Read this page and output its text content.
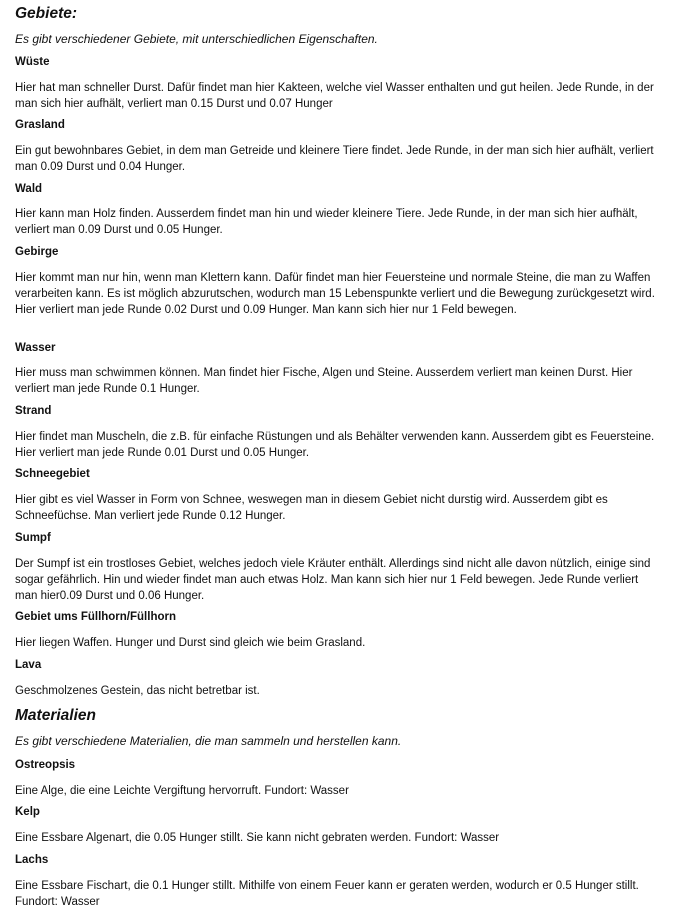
Gebiete:
Es gibt verschiedener Gebiete, mit unterschiedlichen Eigenschaften.
Wüste

Hier hat man schneller Durst. Dafür findet man hier Kakteen, welche viel Wasser enthalten und gut heilen. Jede Runde, in der man sich hier aufhält, verliert man 0.15 Durst und 0.07 Hunger

Grasland

Ein gut bewohnbares Gebiet, in dem man Getreide und kleinere Tiere findet. Jede Runde, in der man sich hier aufhält, verliert man 0.09 Durst und 0.04 Hunger.

Wald

Hier kann man Holz finden. Ausserdem findet man hin und wieder kleinere Tiere. Jede Runde, in der man sich hier aufhält, verliert man 0.09 Durst und 0.05 Hunger.

Gebirge

Hier kommt man nur hin, wenn man Klettern kann. Dafür findet man hier Feuersteine und normale Steine, die man zu Waffen verarbeiten kann. Es ist möglich abzurutschen, wodurch man 15 Lebenspunkte verliert und die Bewegung zurückgesetzt wird. Hier verliert man jede Runde 0.02 Durst und 0.09 Hunger. Man kann sich hier nur 1 Feld bewegen.

Wasser

Hier muss man schwimmen können. Man findet hier Fische, Algen und Steine. Ausserdem verliert man keinen Durst. Hier verliert man jede Runde 0.1 Hunger.

Strand

Hier findet man Muscheln, die z.B. für einfache Rüstungen und als Behälter verwenden kann. Ausserdem gibt es Feuersteine. Hier verliert man jede Runde 0.01 Durst und 0.05 Hunger.

Schneegebiet

Hier gibt es viel Wasser in Form von Schnee, weswegen man in diesem Gebiet nicht durstig wird. Ausserdem gibt es Schneefüchse. Man verliert jede Runde 0.12 Hunger.

Sumpf

Der Sumpf ist ein trostloses Gebiet, welches jedoch viele Kräuter enthält. Allerdings sind nicht alle davon nützlich, einige sind sogar gefährlich. Hin und wieder findet man auch etwas Holz. Man kann sich hier nur 1 Feld bewegen. Jede Runde verliert man hier0.09 Durst und 0.06 Hunger.

Gebiet ums Füllhorn/Füllhorn

Hier liegen Waffen. Hunger und Durst sind gleich wie beim Grasland.

Lava

Geschmolzenes Gestein, das nicht betretbar ist.

Materialien
Es gibt verschiedene Materialien, die man sammeln und herstellen kann.
Ostreopsis

Eine Alge, die eine Leichte Vergiftung hervorruft. Fundort: Wasser

Kelp

Eine Essbare Algenart, die 0.05 Hunger stillt. Sie kann nicht gebraten werden. Fundort: Wasser

Lachs

Eine Essbare Fischart, die 0.1 Hunger stillt. Mithilfe von einem Feuer kann er geraten werden, wodurch er 0.5 Hunger stillt. Fundort: Wasser
